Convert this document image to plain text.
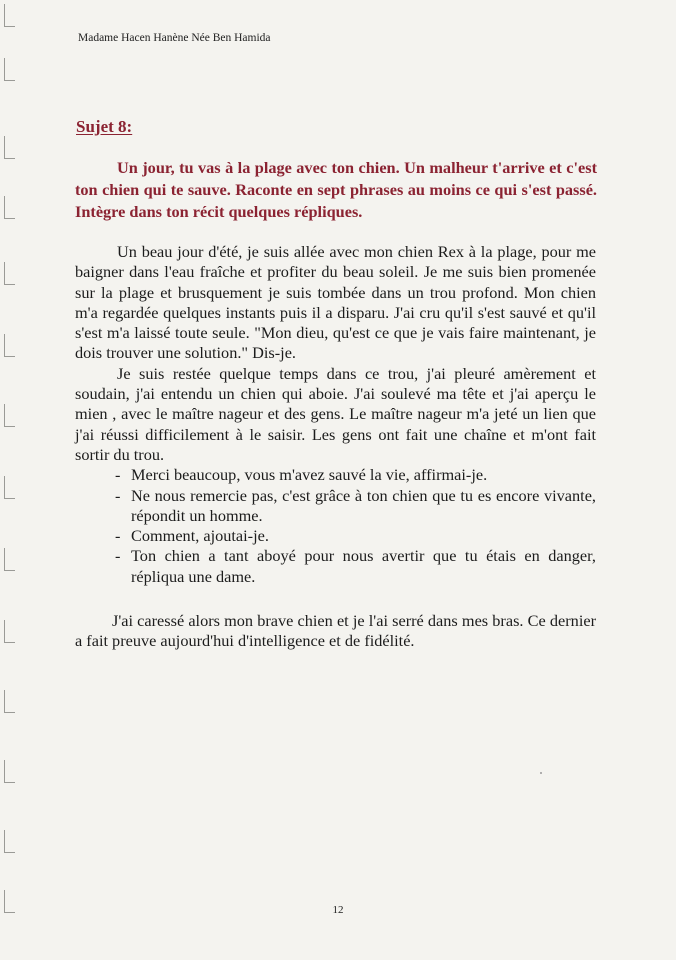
Madame Hacen Hanène Née Ben Hamida
Sujet 8:

Un jour, tu vas à la plage avec ton chien. Un malheur t'arrive et c'est ton chien qui te sauve. Raconte en sept phrases au moins ce qui s'est passé. Intègre dans ton récit quelques répliques.

Un beau jour d'été, je suis allée avec mon chien Rex à la plage, pour me baigner dans l'eau fraîche et profiter du beau soleil. Je me suis bien promenée sur la plage et brusquement je suis tombée dans un trou profond. Mon chien m'a regardée quelques instants puis il a disparu. J'ai cru qu'il s'est sauvé et qu'il s'est m'a laissé toute seule. "Mon dieu, qu'est ce que je vais faire maintenant, je dois trouver une solution." Dis-je.

Je suis restée quelque temps dans ce trou, j'ai pleuré amèrement et soudain, j'ai entendu un chien qui aboie. J'ai soulevé ma tête et j'ai aperçu le mien , avec le maître nageur et des gens. Le maître nageur m'a jeté un lien que j'ai réussi difficilement à le saisir. Les gens ont fait une chaîne et m'ont fait sortir du trou.

- Merci beaucoup, vous m'avez sauvé la vie, affirmai-je.
- Ne nous remercie pas, c'est grâce à ton chien que tu es encore vivante, répondit un homme.
- Comment, ajoutai-je.
- Ton chien a tant aboyé pour nous avertir que tu étais en danger, répliqua une dame.

J'ai caressé alors mon brave chien et je l'ai serré dans mes bras. Ce dernier a fait preuve aujourd'hui d'intelligence et de fidélité.

12
